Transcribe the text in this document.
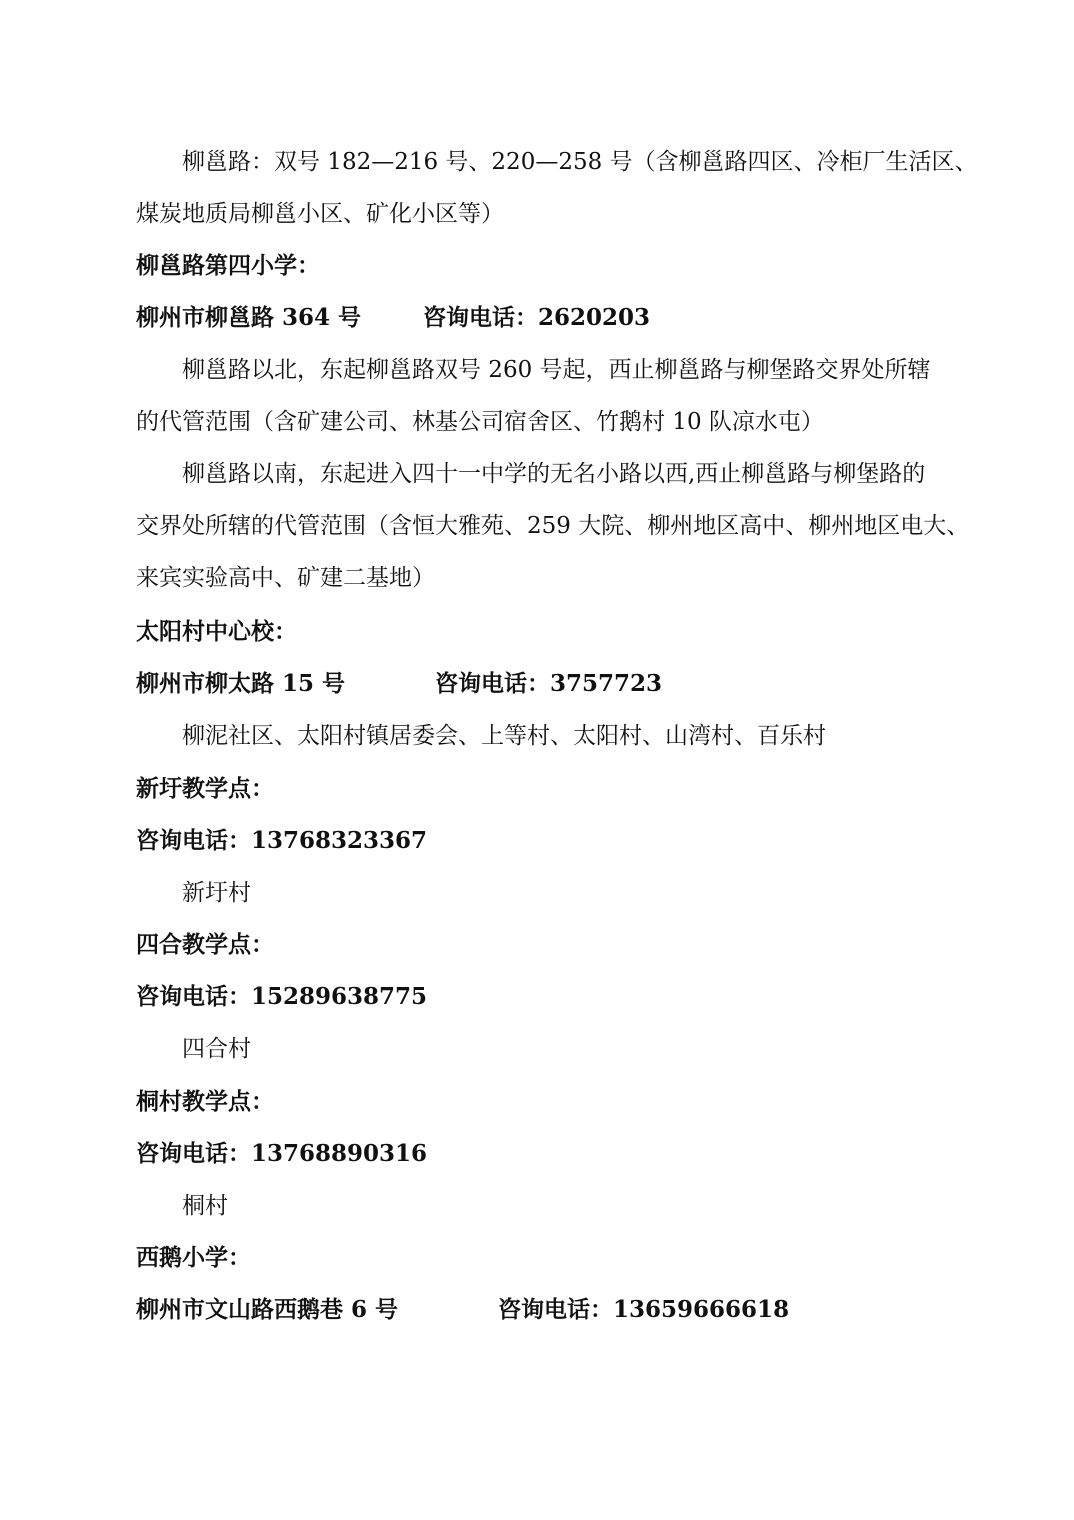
柳邕路：双号 182—216 号、220—258 号（含柳邕路四区、冷柜厂生活区、
煤炭地质局柳邕小区、矿化小区等）
柳邕路第四小学：
柳州市柳邕路 364 号	咨询电话：2620203
柳邕路以北，东起柳邕路双号 260 号起，西止柳邕路与柳堡路交界处所辖
的代管范围（含矿建公司、林基公司宿舍区、竹鹅村 10 队凉水屯）
柳邕路以南，东起进入四十一中学的无名小路以西,西止柳邕路与柳堡路的
交界处所辖的代管范围（含恒大雅苑、259 大院、柳州地区高中、柳州地区电大、
来宾实验高中、矿建二基地）
太阳村中心校：
柳州市柳太路 15 号	咨询电话：3757723
柳泥社区、太阳村镇居委会、上等村、太阳村、山湾村、百乐村
新圩教学点：
咨询电话：13768323367
新圩村
四合教学点：
咨询电话：15289638775
四合村
桐村教学点：
咨询电话：13768890316
桐村
西鹅小学：
柳州市文山路西鹅巷 6 号	咨询电话：13659666618
